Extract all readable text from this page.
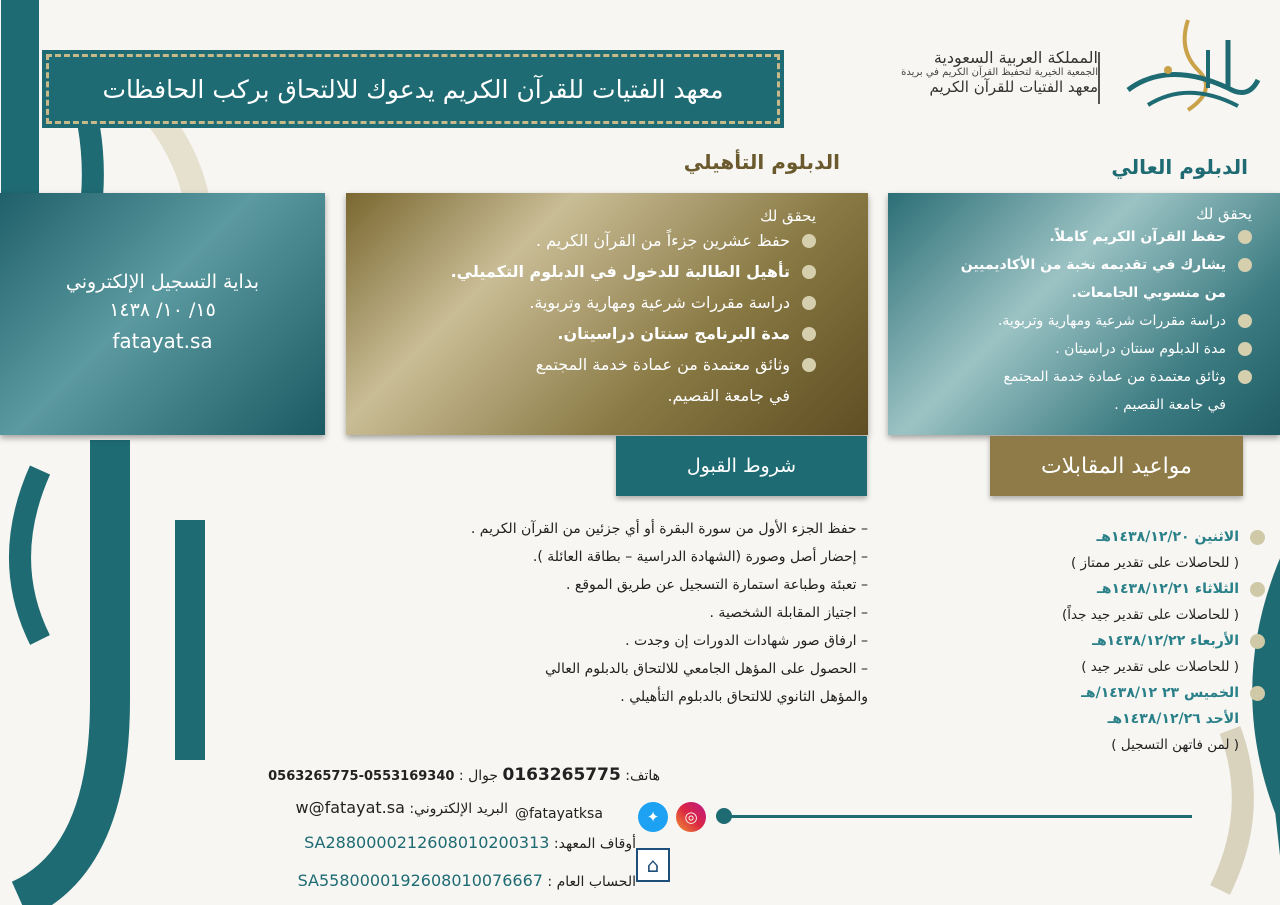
معهد الفتيات للقرآن الكريم يدعوك للالتحاق بركب الحافظات
المملكة العربية السعودية
الجمعية الخيرية لتحفيظ القرآن الكريم في بريدة
معهد الفتيات للقرآن الكريم
الدبلوم العالي
الدبلوم التأهيلي
بداية التسجيل الإلكتروني
١٥/ ١٠/ ١٤٣٨
fatayat.sa
يحقق لك
حفظ عشرين جزءاً من القرآن الكريم .
تأهيل الطالبة للدخول في الدبلوم التكميلي.
دراسة مقررات شرعية ومهارية وتربوية.
مدة البرنامج سنتان دراسيتان.
وثائق معتمدة من عمادة خدمة المجتمع
في جامعة القصيم.
يحقق لك
حفظ القرآن الكريم كاملاً.
يشارك في تقديمه نخبة من الأكاديميين
من منسوبي الجامعات.
دراسة مقررات شرعية ومهارية وتربوية.
مدة الدبلوم سنتان دراسيتان .
وثائق معتمدة من عمادة خدمة المجتمع
في جامعة القصيم .
شروط القبول	مواعيد المقابلات
– حفظ الجزء الأول من سورة البقرة أو أي جزئين من القرآن الكريم .
– إحضار أصل وصورة (الشهادة الدراسية – بطاقة العائلة ).
– تعبئة وطباعة استمارة التسجيل عن طريق الموقع .
– اجتياز المقابلة الشخصية .
– ارفاق صور شهادات الدورات إن وجدت .
– الحصول على المؤهل الجامعي للالتحاق بالدبلوم العالي
والمؤهل الثانوي للالتحاق بالدبلوم التأهيلي .
الاثنين ١٤٣٨/١٢/٢٠هـ
( للحاصلات على تقدير ممتاز )
الثلاثاء ١٤٣٨/١٢/٢١هـ
( للحاصلات على تقدير جيد جداً)
الأربعاء ١٤٣٨/١٢/٢٢هـ
( للحاصلات على تقدير جيد )
الخميس ٢٣ ١٤٣٨/١٢/هـ
الأحد ١٤٣٨/١٢/٢٦هـ
( لمن فاتهن التسجيل )
هاتف: 0163265775 جوال : 0553169340-0563265775
◎
✦
@fatayatksa
البريد الإلكتروني: w@fatayat.sa
أوقاف المعهد: SA2880000212608010200313
⌂
الحساب العام : SA5580000192608010076667
